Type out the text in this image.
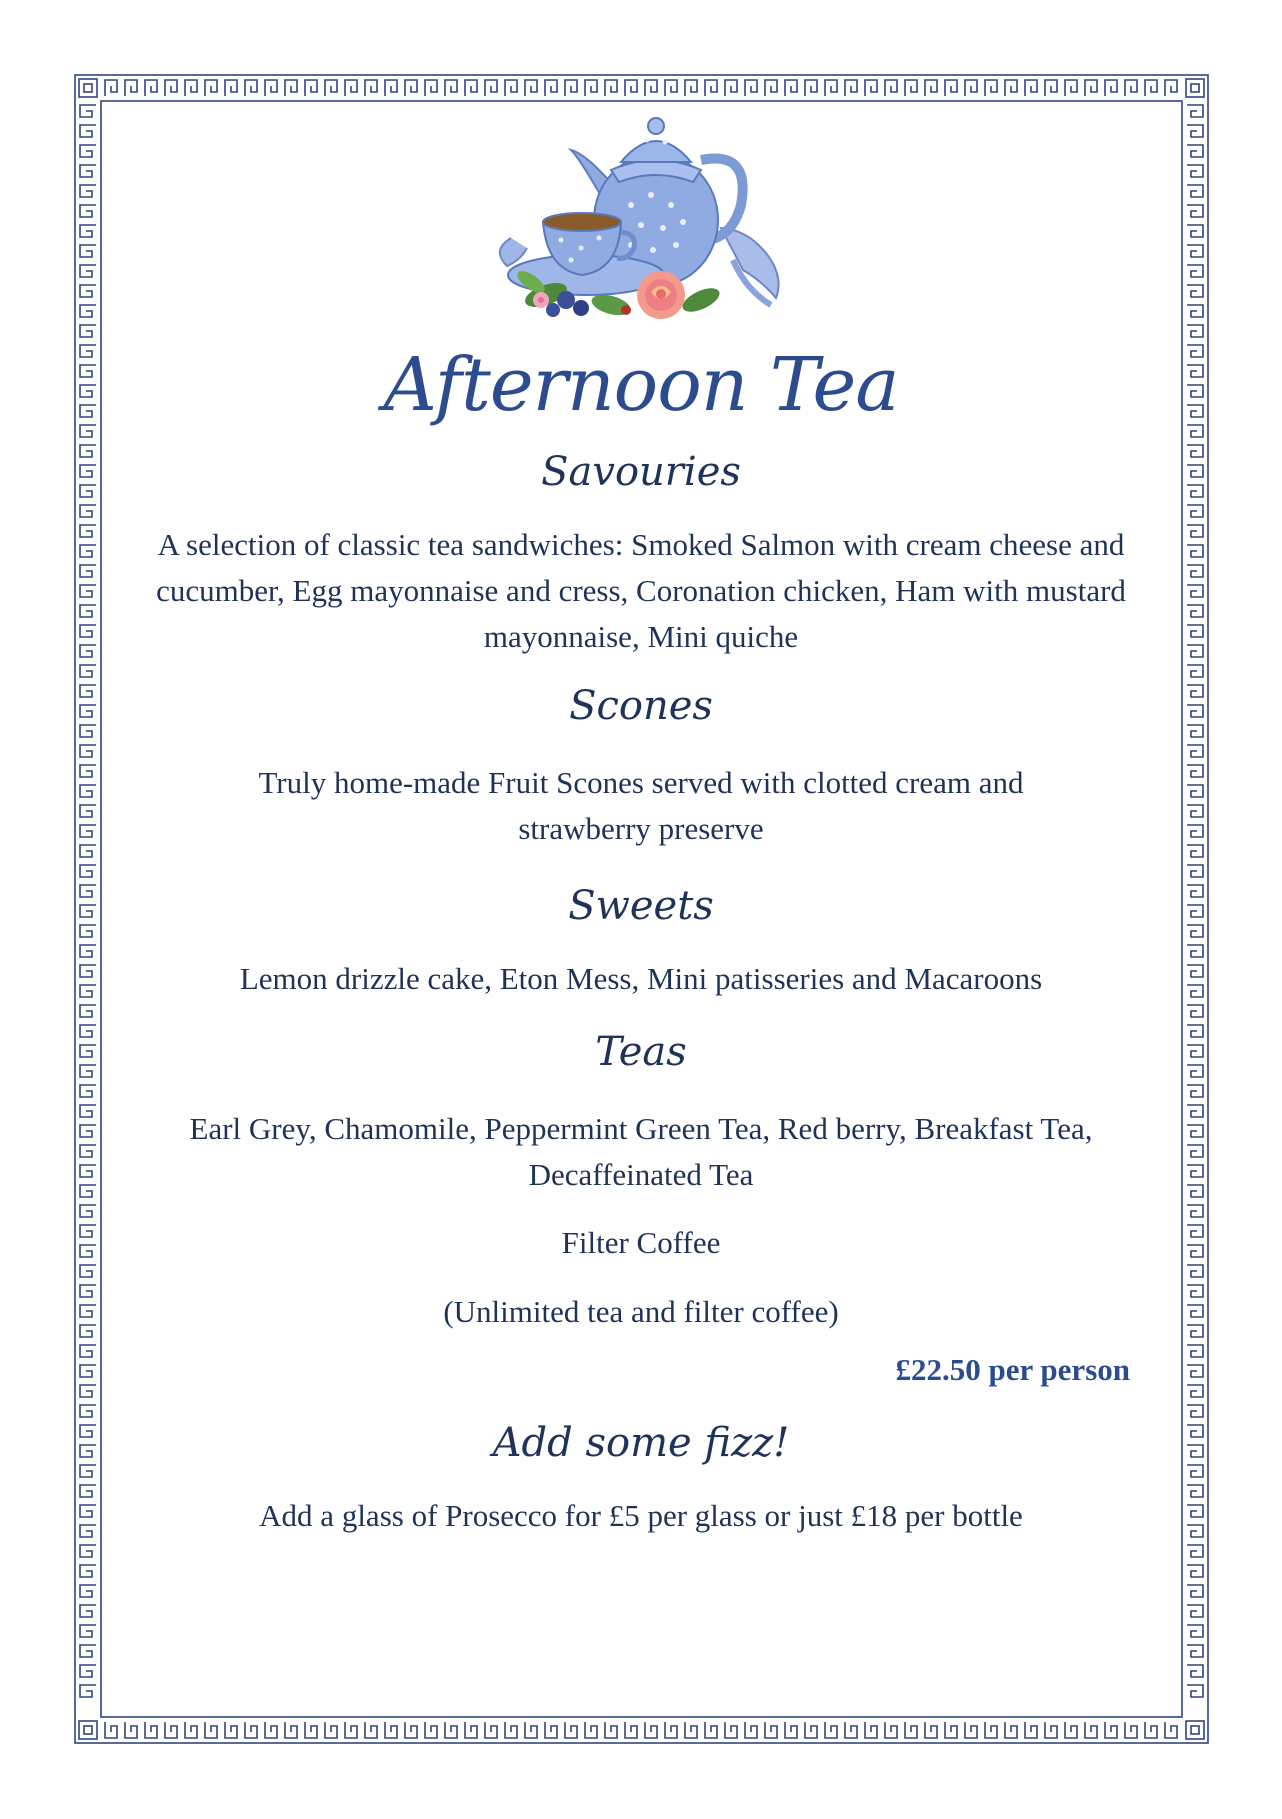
Afternoon Tea
Savouries
A selection of classic tea sandwiches: Smoked Salmon with cream cheese and cucumber, Egg mayonnaise and cress, Coronation chicken, Ham with mustard mayonnaise, Mini quiche
Scones
Truly home-made Fruit Scones served with clotted cream and strawberry preserve
Sweets
Lemon drizzle cake, Eton Mess, Mini patisseries and Macaroons
Teas
Earl Grey, Chamomile, Peppermint Green Tea, Red berry, Breakfast Tea, Decaffeinated Tea
Filter Coffee
(Unlimited tea and filter coffee)
£22.50 per person
Add some fizz!
Add a glass of Prosecco for £5 per glass or just £18 per bottle
